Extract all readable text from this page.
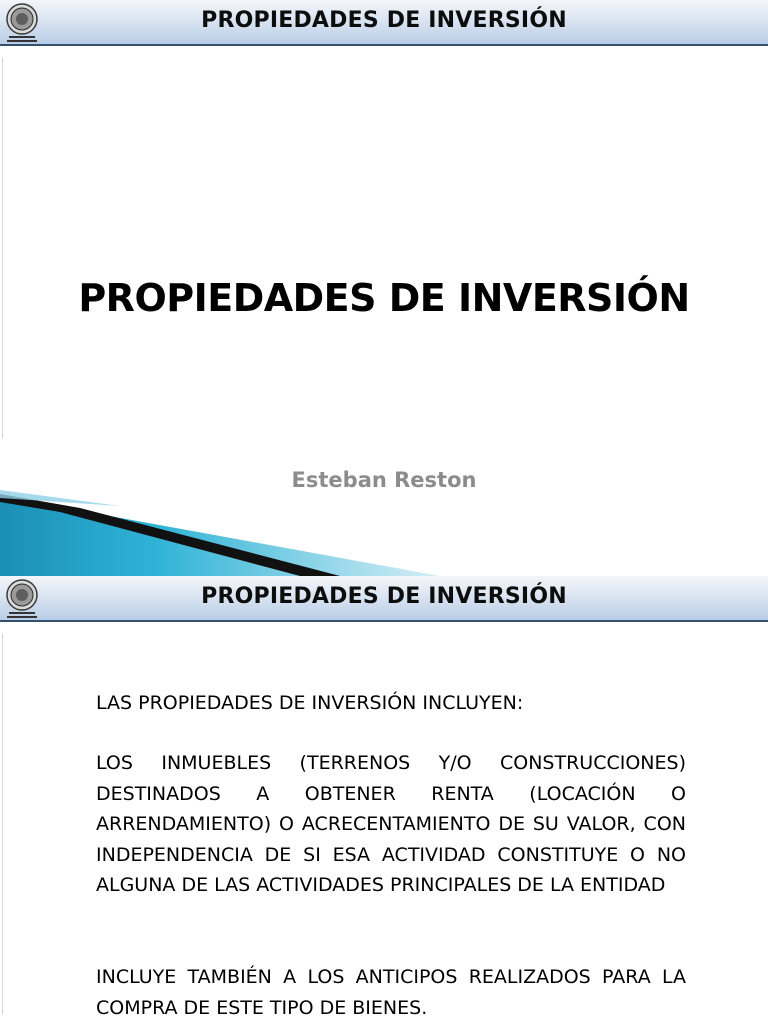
PROPIEDADES DE INVERSIÓN
PROPIEDADES DE INVERSIÓN
Esteban Reston
PROPIEDADES DE INVERSIÓN
LAS PROPIEDADES DE INVERSIÓN INCLUYEN:
LOS INMUEBLES (TERRENOS Y/O CONSTRUCCIONES) DESTINADOS A OBTENER RENTA (LOCACIÓN O ARRENDAMIENTO) O ACRECENTAMIENTO DE SU VALOR, CON INDEPENDENCIA DE SI ESA ACTIVIDAD CONSTITUYE O NO ALGUNA DE LAS ACTIVIDADES PRINCIPALES DE LA ENTIDAD
INCLUYE TAMBIÉN A LOS ANTICIPOS REALIZADOS PARA LA COMPRA DE ESTE TIPO DE BIENES.
